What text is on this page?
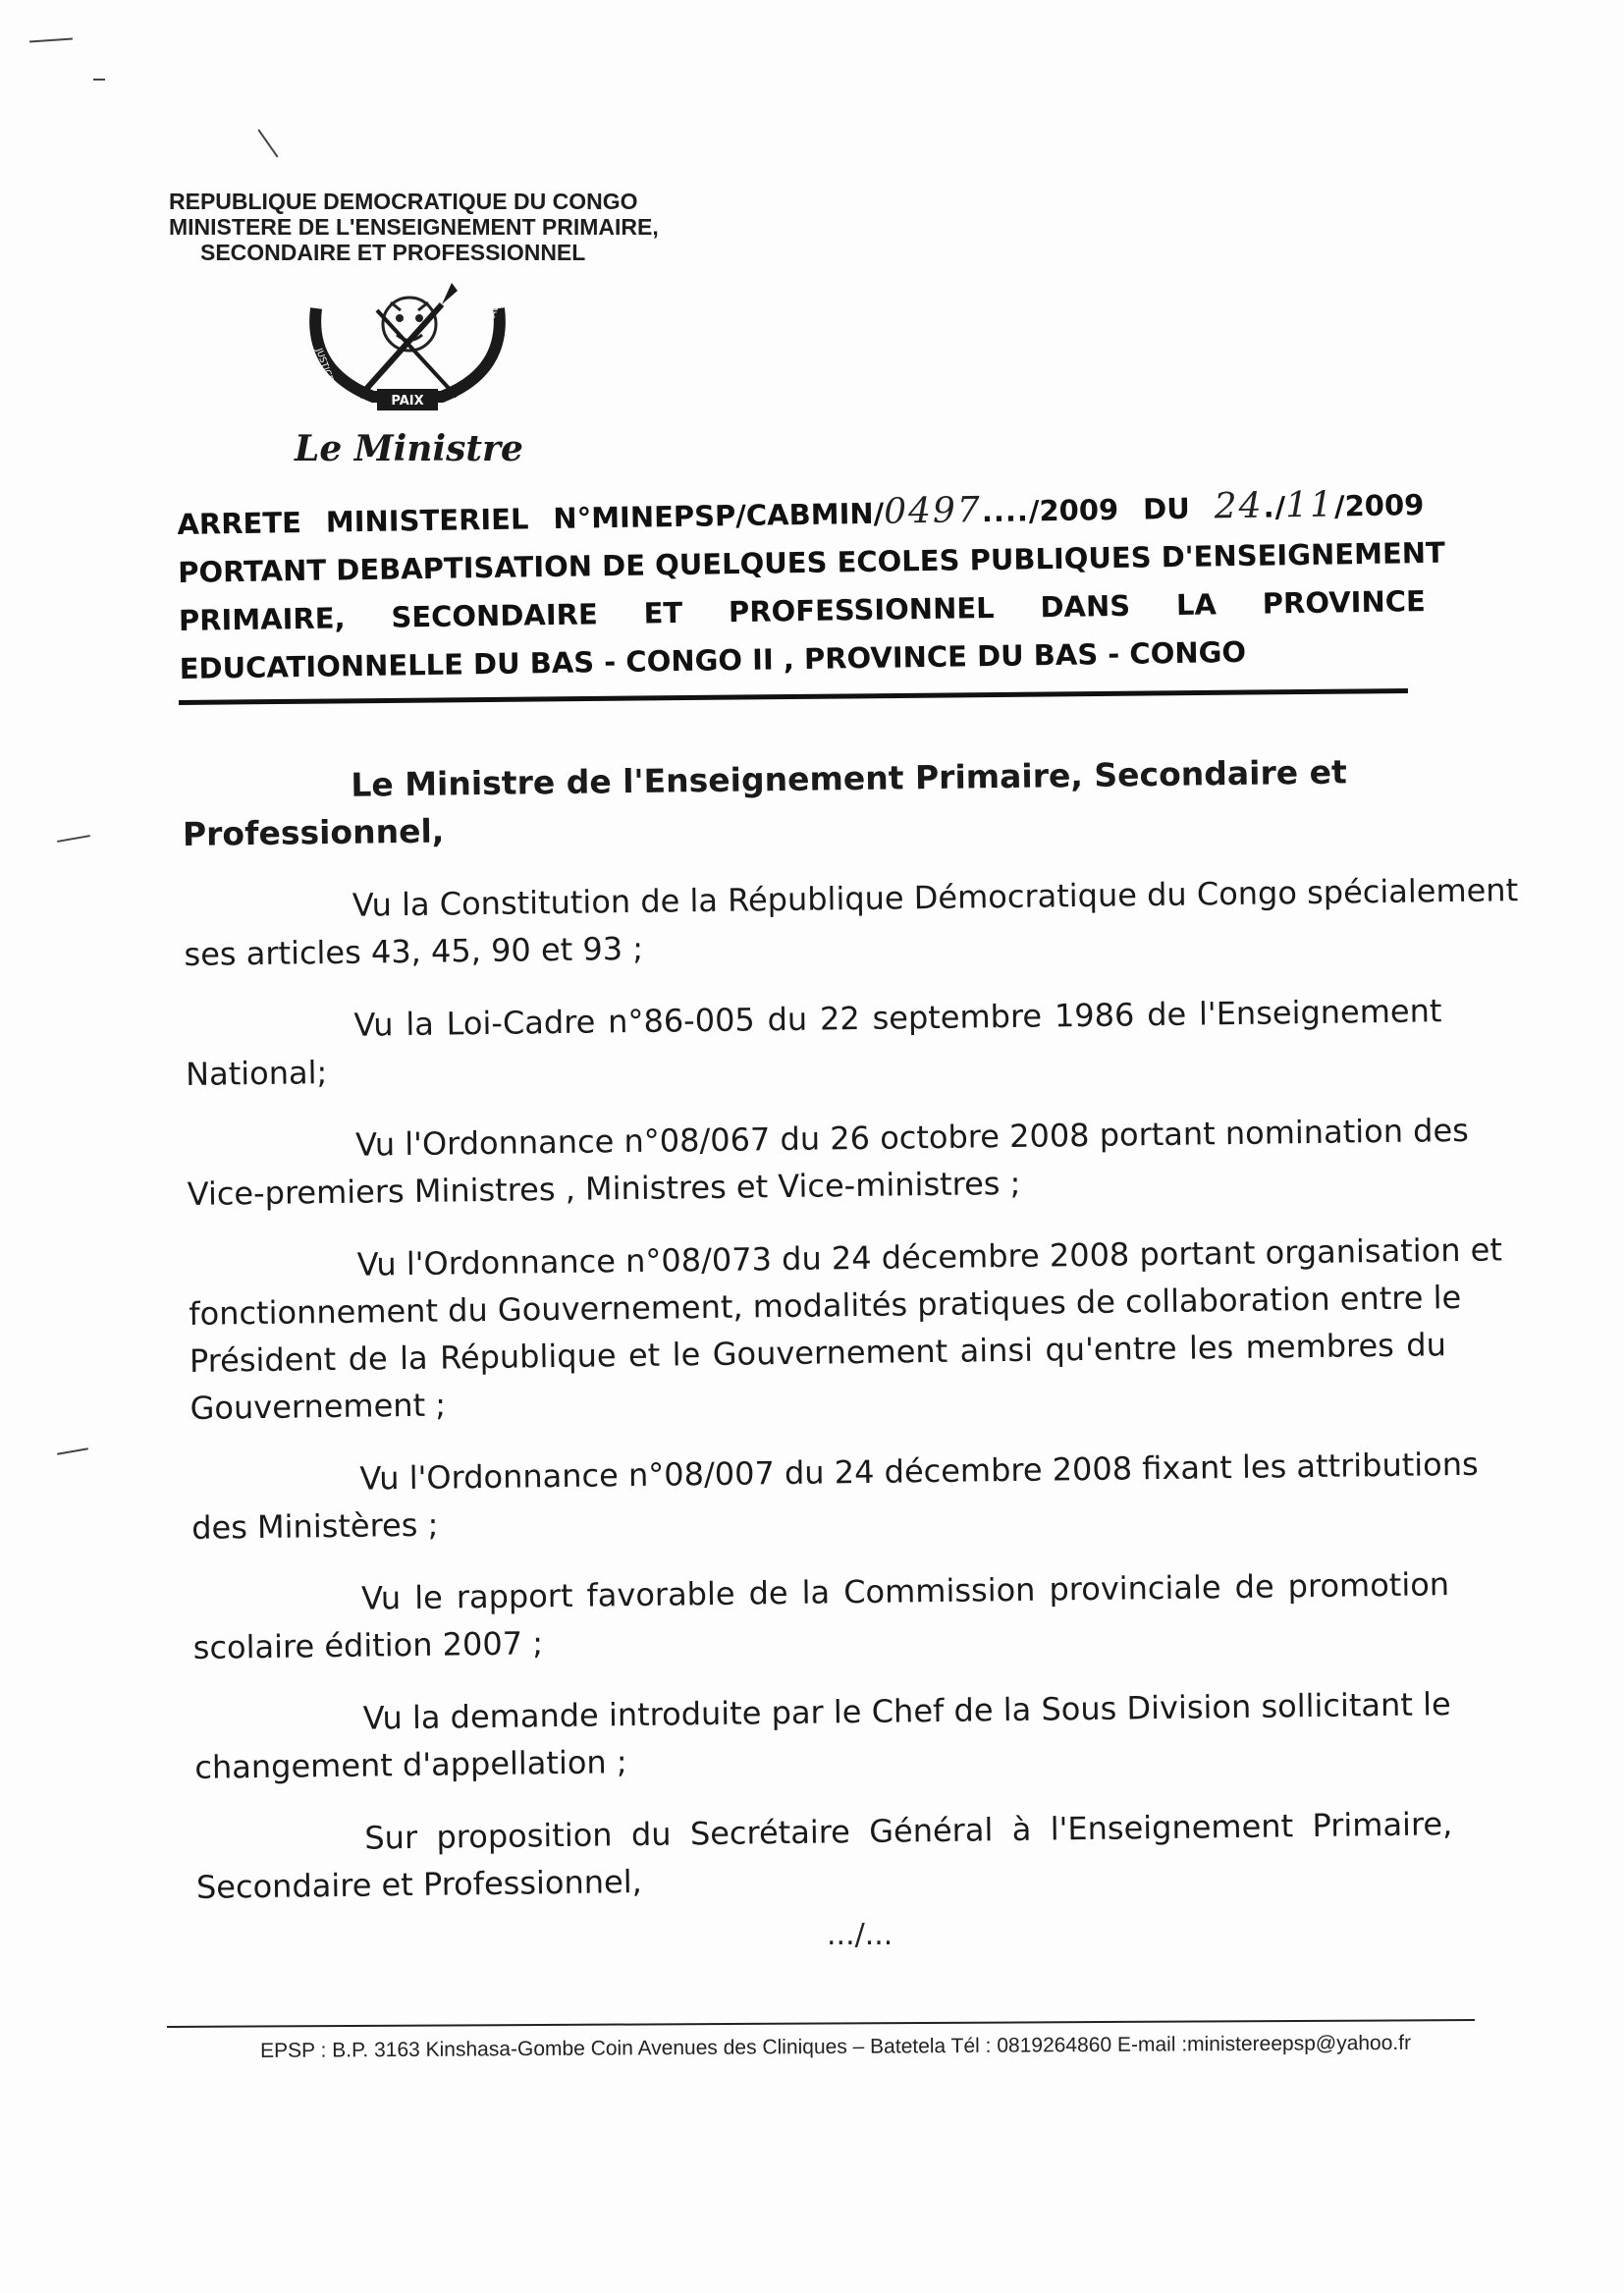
REPUBLIQUE DEMOCRATIQUE DU CONGO
MINISTERE DE L'ENSEIGNEMENT PRIMAIRE,
SECONDAIRE ET PROFESSIONNEL
PAIX
JUSTICE
TRAVAIL
Le Ministre
ARRETE MINISTERIEL N°MINEPSP/CABMIN/0497..../2009 DU 24./11/2009
PORTANT DEBAPTISATION DE QUELQUES ECOLES PUBLIQUES D'ENSEIGNEMENT
PRIMAIRE, SECONDAIRE ET PROFESSIONNEL DANS LA PROVINCE
EDUCATIONNELLE DU BAS - CONGO II , PROVINCE DU BAS - CONGO
Le Ministre de l'Enseignement Primaire, Secondaire et
Professionnel,
Vu la Constitution de la République Démocratique du Congo spécialement
ses articles 43, 45, 90 et 93 ;
Vu la Loi-Cadre n°86-005 du 22 septembre 1986 de l'Enseignement
National;
Vu l'Ordonnance n°08/067 du 26 octobre 2008 portant nomination des
Vice-premiers Ministres , Ministres et Vice-ministres ;
Vu l'Ordonnance n°08/073 du 24 décembre 2008 portant organisation et
fonctionnement du Gouvernement, modalités pratiques de collaboration entre le
Président de la République et le Gouvernement ainsi qu'entre les membres du
Gouvernement ;
Vu l'Ordonnance n°08/007 du 24 décembre 2008 fixant les attributions
des Ministères ;
Vu le rapport favorable de la Commission provinciale de promotion
scolaire édition 2007 ;
Vu la demande introduite par le Chef de la Sous Division sollicitant le
changement d'appellation ;
Sur proposition du Secrétaire Général à l'Enseignement Primaire,
Secondaire et Professionnel,
.../...
EPSP : B.P. 3163 Kinshasa-Gombe Coin Avenues des Cliniques – Batetela Tél : 0819264860 E-mail :ministereepsp@yahoo.fr
